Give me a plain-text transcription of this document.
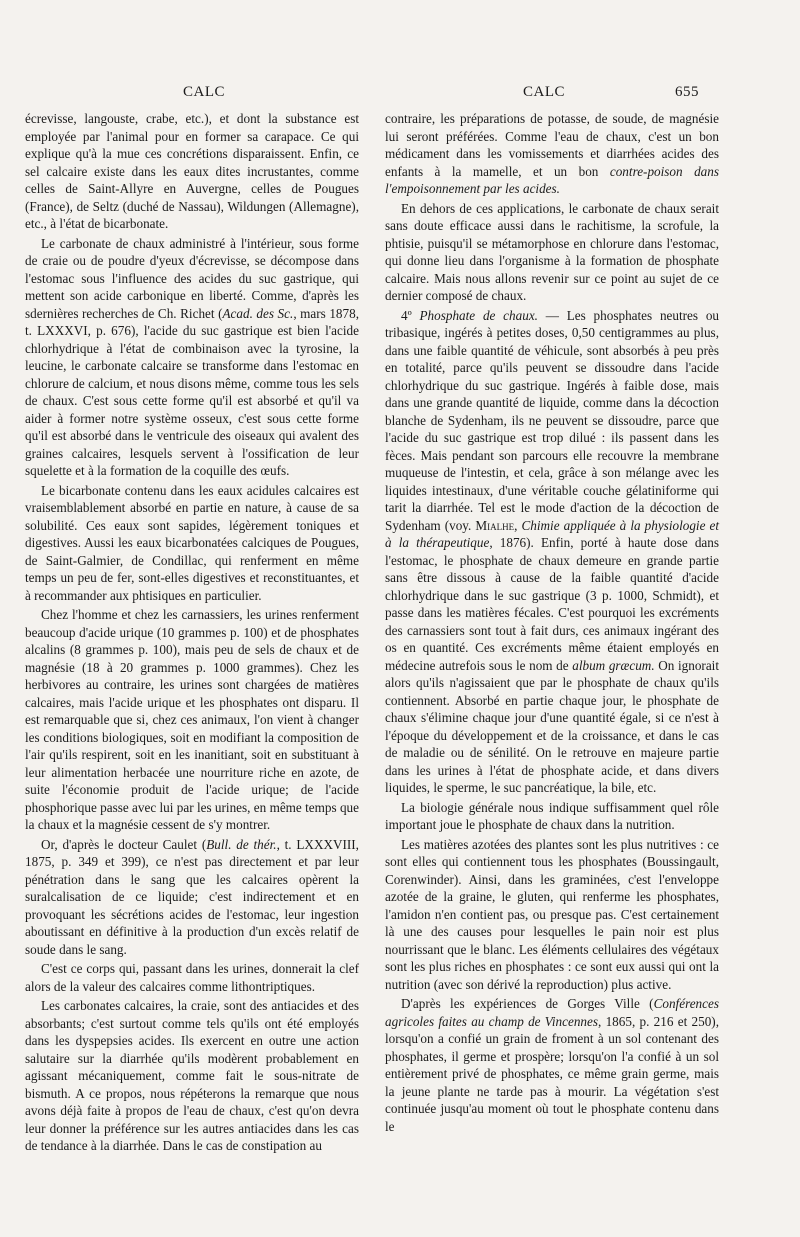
CALC	CALC	655

écrevisse, langouste, crabe, etc.), et dont la substance est employée par l'animal pour en former sa carapace. Ce qui explique qu'à la mue ces concrétions disparaissent. Enfin, ce sel calcaire existe dans les eaux dites incrustantes, comme celles de Saint-Allyre en Auvergne, celles de Pougues (France), de Seltz (duché de Nassau), Wildungen (Allemagne), etc., à l'état de bicarbonate.

Le carbonate de chaux administré à l'intérieur, sous forme de craie ou de poudre d'yeux d'écrevisse, se décompose dans l'estomac sous l'influence des acides du suc gastrique, qui mettent son acide carbonique en liberté. Comme, d'après les sdernières recherches de Ch. Richet (Acad. des Sc., mars 1878, t. LXXXVI, p. 676), l'acide du suc gastrique est bien l'acide chlorhydrique à l'état de combinaison avec la tyrosine, la leucine, le carbonate calcaire se transforme dans l'estomac en chlorure de calcium, et nous disons même, comme tous les sels de chaux. C'est sous cette forme qu'il est absorbé et qu'il va aider à former notre système osseux, c'est sous cette forme qu'il est absorbé dans le ventricule des oiseaux qui avalent des graines calcaires, lesquels servent à l'ossification de leur squelette et à la formation de la coquille des œufs.

Le bicarbonate contenu dans les eaux acidules calcaires est vraisemblablement absorbé en partie en nature, à cause de sa solubilité. Ces eaux sont sapides, légèrement toniques et digestives. Aussi les eaux bicarbonatées calciques de Pougues, de Saint-Galmier, de Condillac, qui renferment en même temps un peu de fer, sont-elles digestives et reconstituantes, et à recommander aux phtisiques en particulier.

Chez l'homme et chez les carnassiers, les urines renferment beaucoup d'acide urique (10 grammes p. 100) et de phosphates alcalins (8 grammes p. 100), mais peu de sels de chaux et de magnésie (18 à 20 grammes p. 1000 grammes). Chez les herbivores au contraire, les urines sont chargées de matières calcaires, mais l'acide urique et les phosphates ont disparu. Il est remarquable que si, chez ces animaux, l'on vient à changer les conditions biologiques, soit en modifiant la composition de l'air qu'ils respirent, soit en les inanitiant, soit en substituant à leur alimentation herbacée une nourriture riche en azote, de suite l'économie produit de l'acide urique; de l'acide phosphorique passe avec lui par les urines, en même temps que la chaux et la magnésie cessent de s'y montrer.

Or, d'après le docteur Caulet (Bull. de thér., t. LXXXVIII, 1875, p. 349 et 399), ce n'est pas directement et par leur pénétration dans le sang que les calcaires opèrent la suralcalisation de ce liquide; c'est indirectement et en provoquant les sécrétions acides de l'estomac, leur ingestion aboutissant en définitive à la production d'un excès relatif de soude dans le sang.

C'est ce corps qui, passant dans les urines, donnerait la clef alors de la valeur des calcaires comme lithontriptiques.

Les carbonates calcaires, la craie, sont des antiacides et des absorbants; c'est surtout comme tels qu'ils ont été employés dans les dyspepsies acides. Ils exercent en outre une action salutaire sur la diarrhée qu'ils modèrent probablement en agissant mécaniquement, comme fait le sous-nitrate de bismuth. A ce propos, nous répéterons la remarque que nous avons déjà faite à propos de l'eau de chaux, c'est qu'on devra leur donner la préférence sur les autres antiacides dans les cas de tendance à la diarrhée. Dans le cas de constipation au

contraire, les préparations de potasse, de soude, de magnésie lui seront préférées. Comme l'eau de chaux, c'est un bon médicament dans les vomissements et diarrhées acides des enfants à la mamelle, et un bon contre-poison dans l'empoisonnement par les acides.

En dehors de ces applications, le carbonate de chaux serait sans doute efficace aussi dans le rachitisme, la scrofule, la phtisie, puisqu'il se métamorphose en chlorure dans l'estomac, qui donne lieu dans l'organisme à la formation de phosphate calcaire. Mais nous allons revenir sur ce point au sujet de ce dernier composé de chaux.

4º Phosphate de chaux. — Les phosphates neutres ou tribasique, ingérés à petites doses, 0,50 centigrammes au plus, dans une faible quantité de véhicule, sont absorbés à peu près en totalité, parce qu'ils peuvent se dissoudre dans l'acide chlorhydrique du suc gastrique. Ingérés à faible dose, mais dans une grande quantité de liquide, comme dans la décoction blanche de Sydenham, ils ne peuvent se dissoudre, parce que l'acide du suc gastrique est trop dilué : ils passent dans les fèces. Mais pendant son parcours elle recouvre la membrane muqueuse de l'intestin, et cela, grâce à son mélange avec les liquides intestinaux, d'une véritable couche gélatiniforme qui tarit la diarrhée. Tel est le mode d'action de la décoction de Sydenham (voy. Mialhe, Chimie appliquée à la physiologie et à la thérapeutique, 1876). Enfin, porté à haute dose dans l'estomac, le phosphate de chaux demeure en grande partie sans être dissous à cause de la faible quantité d'acide chlorhydrique dans le suc gastrique (3 p. 1000, Schmidt), et passe dans les matières fécales. C'est pourquoi les excréments des carnassiers sont tout à fait durs, ces animaux ingérant des os en quantité. Ces excréments même étaient employés en médecine autrefois sous le nom de album græcum. On ignorait alors qu'ils n'agissaient que par le phosphate de chaux qu'ils contiennent. Absorbé en partie chaque jour, le phosphate de chaux s'élimine chaque jour d'une quantité égale, si ce n'est à l'époque du développement et de la croissance, et dans le cas de maladie ou de sénilité. On le retrouve en majeure partie dans les urines à l'état de phosphate acide, et dans divers liquides, le sperme, le suc pancréatique, la bile, etc.

La biologie générale nous indique suffisamment quel rôle important joue le phosphate de chaux dans la nutrition.

Les matières azotées des plantes sont les plus nutritives : ce sont elles qui contiennent tous les phosphates (Boussingault, Corenwinder). Ainsi, dans les graminées, c'est l'enveloppe azotée de la graine, le gluten, qui renferme les phosphates, l'amidon n'en contient pas, ou presque pas. C'est certainement là une des causes pour lesquelles le pain noir est plus nourrissant que le blanc. Les éléments cellulaires des végétaux sont les plus riches en phosphates : ce sont eux aussi qui ont la nutrition (avec son dérivé la reproduction) plus active.

D'après les expériences de Gorges Ville (Conférences agricoles faites au champ de Vincennes, 1865, p. 216 et 250), lorsqu'on a confié un grain de froment à un sol contenant des phosphates, il germe et prospère; lorsqu'on l'a confié à un sol entièrement privé de phosphates, ce même grain germe, mais la jeune plante ne tarde pas à mourir. La végétation s'est continuée jusqu'au moment où tout le phosphate contenu dans le
